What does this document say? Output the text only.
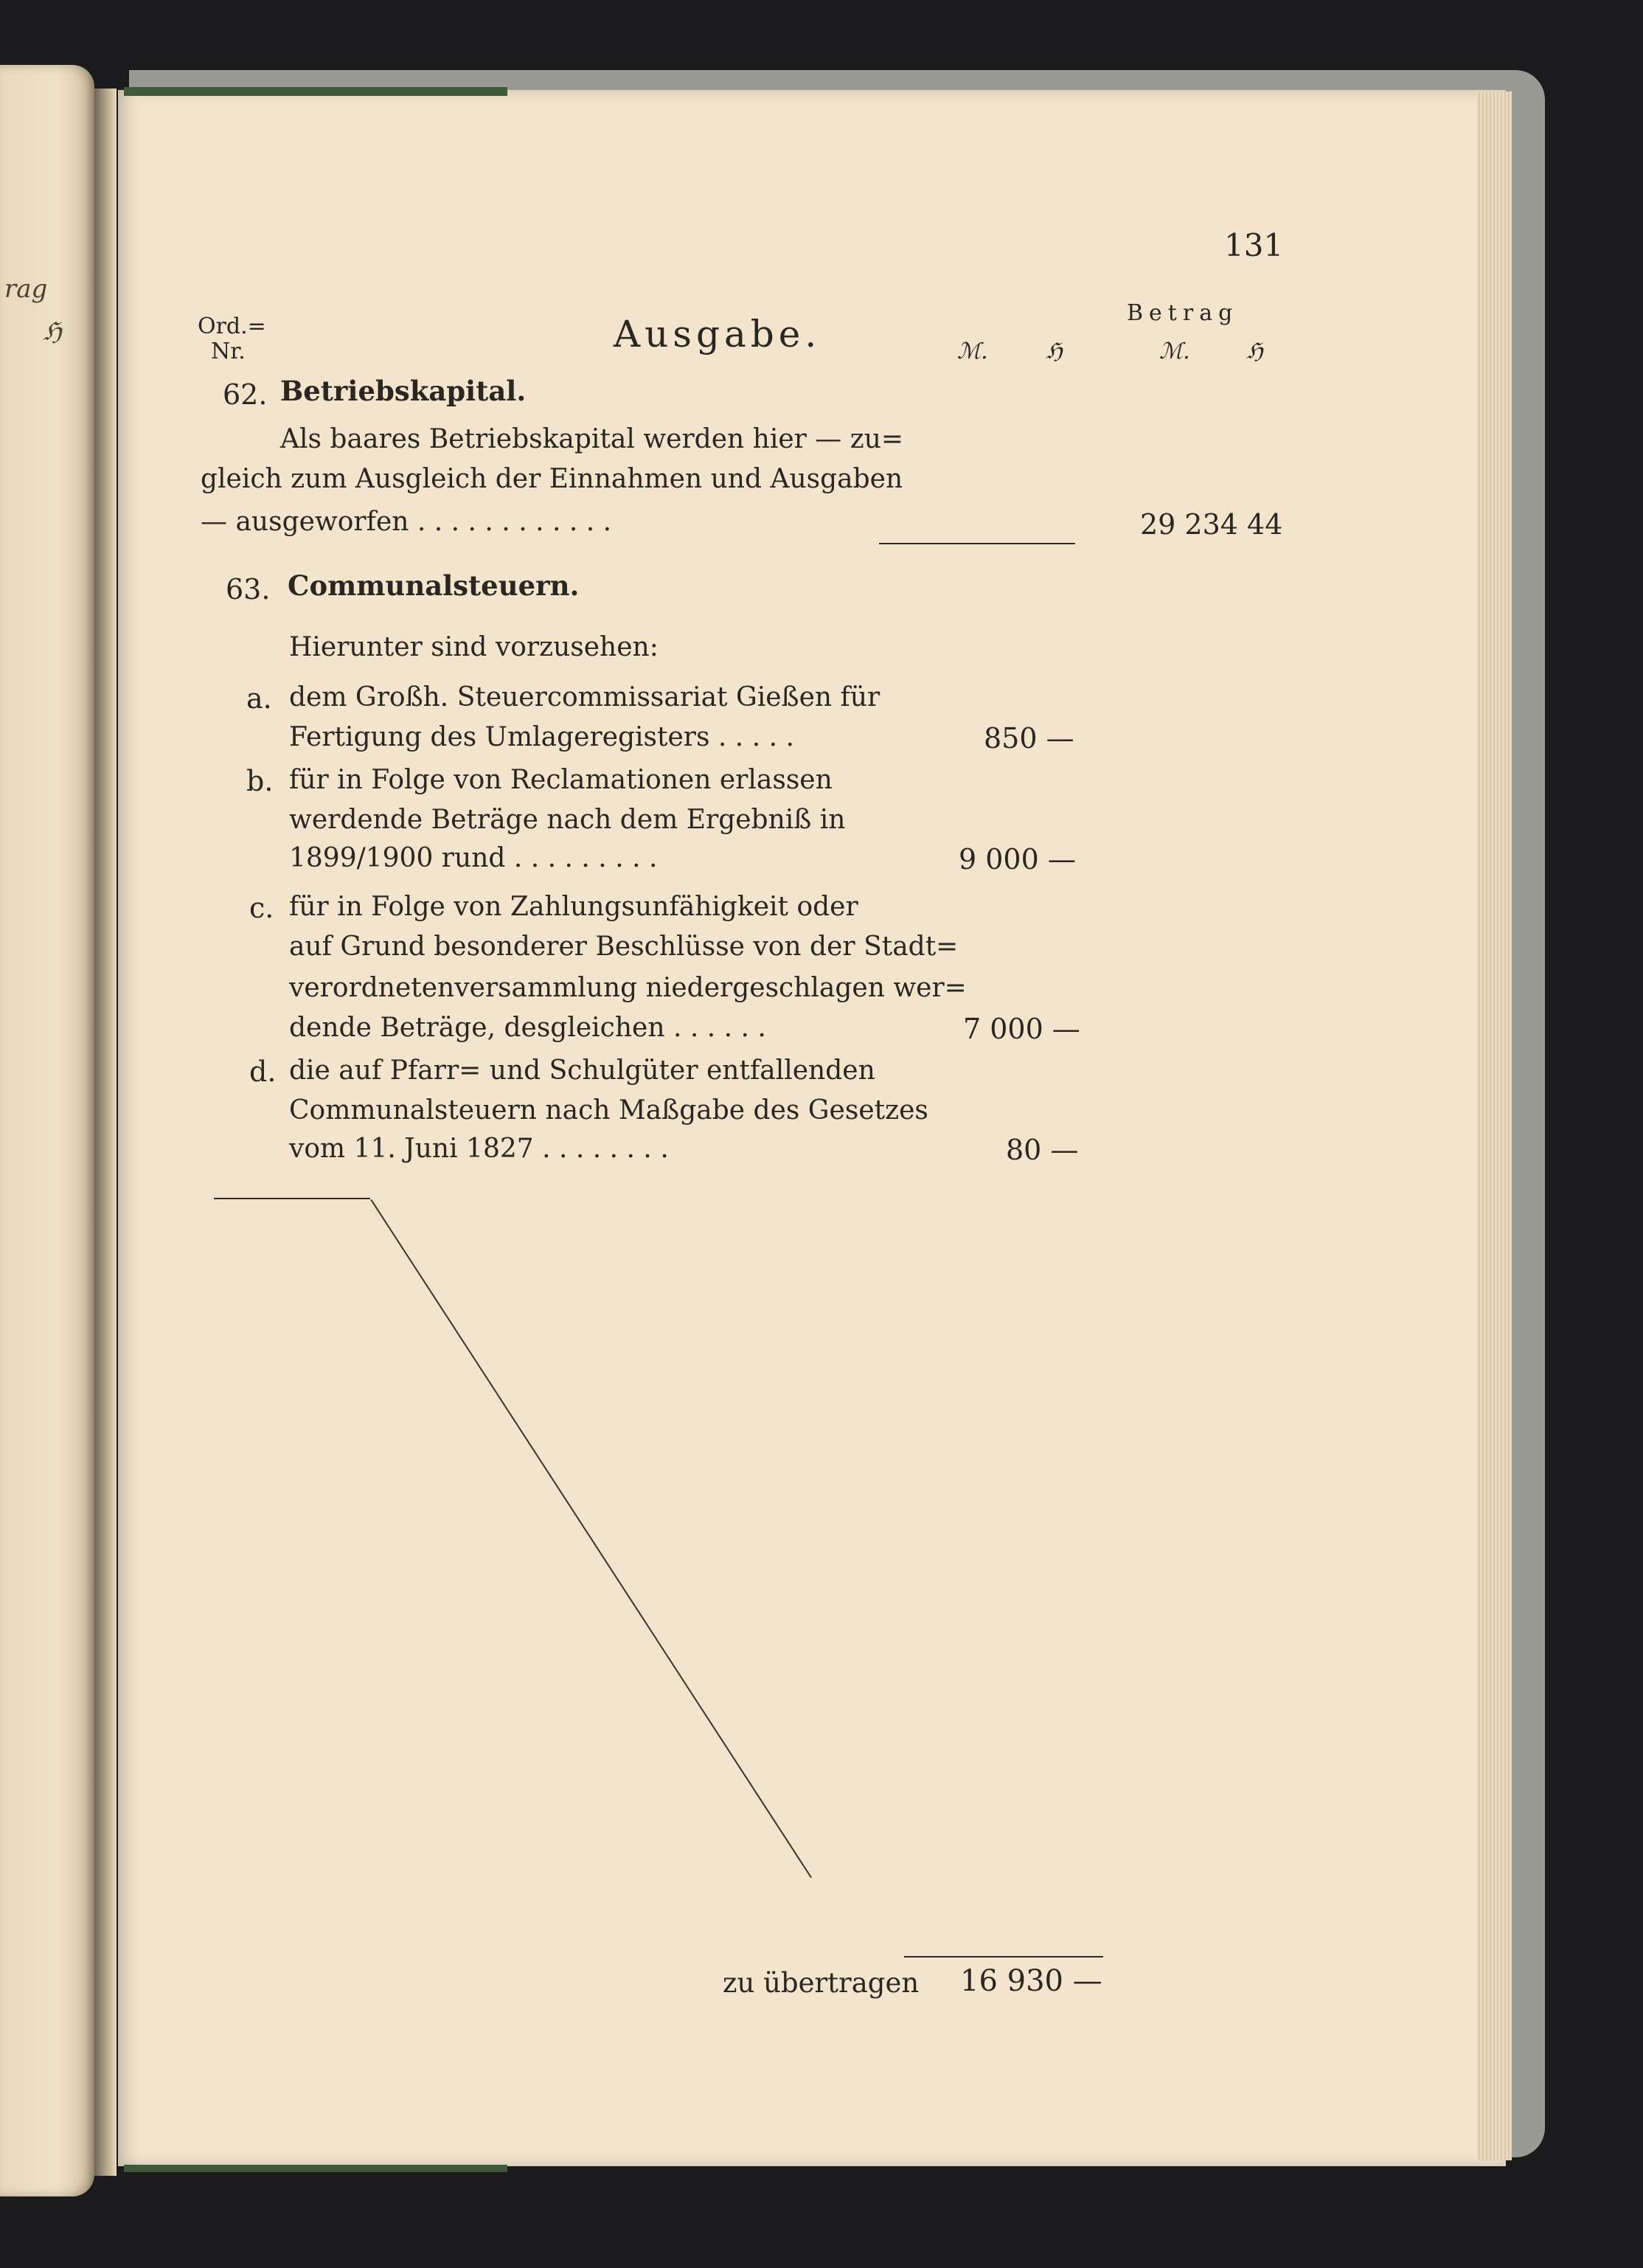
rag
ℌ
131
Ord.=
Nr.	Ausgabe.	ℳ.	ℌ
Betrag
ℳ.	ℌ
62. Betriebskapital.
Als baares Betriebskapital werden hier — zu=
gleich zum Ausgleich der Einnahmen und Ausgaben
— ausgeworfen . . . . . . . . . . . .	29 234 44
63. Communalsteuern.
Hierunter sind vorzusehen:
a. dem Großh. Steuercommissariat Gießen für
Fertigung des Umlageregisters . . . . .	850 —
b. für in Folge von Reclamationen erlassen
werdende Beträge nach dem Ergebniß in
1899/1900 rund . . . . . . . . .	9 000 —
c. für in Folge von Zahlungsunfähigkeit oder
auf Grund besonderer Beschlüsse von der Stadt=
verordnetenversammlung niedergeschlagen wer=
dende Beträge, desgleichen . . . . . .	7 000 —
d. die auf Pfarr= und Schulgüter entfallenden
Communalsteuern nach Maßgabe des Gesetzes
vom 11. Juni 1827 . . . . . . . .	80 —
zu übertragen 16 930 —
